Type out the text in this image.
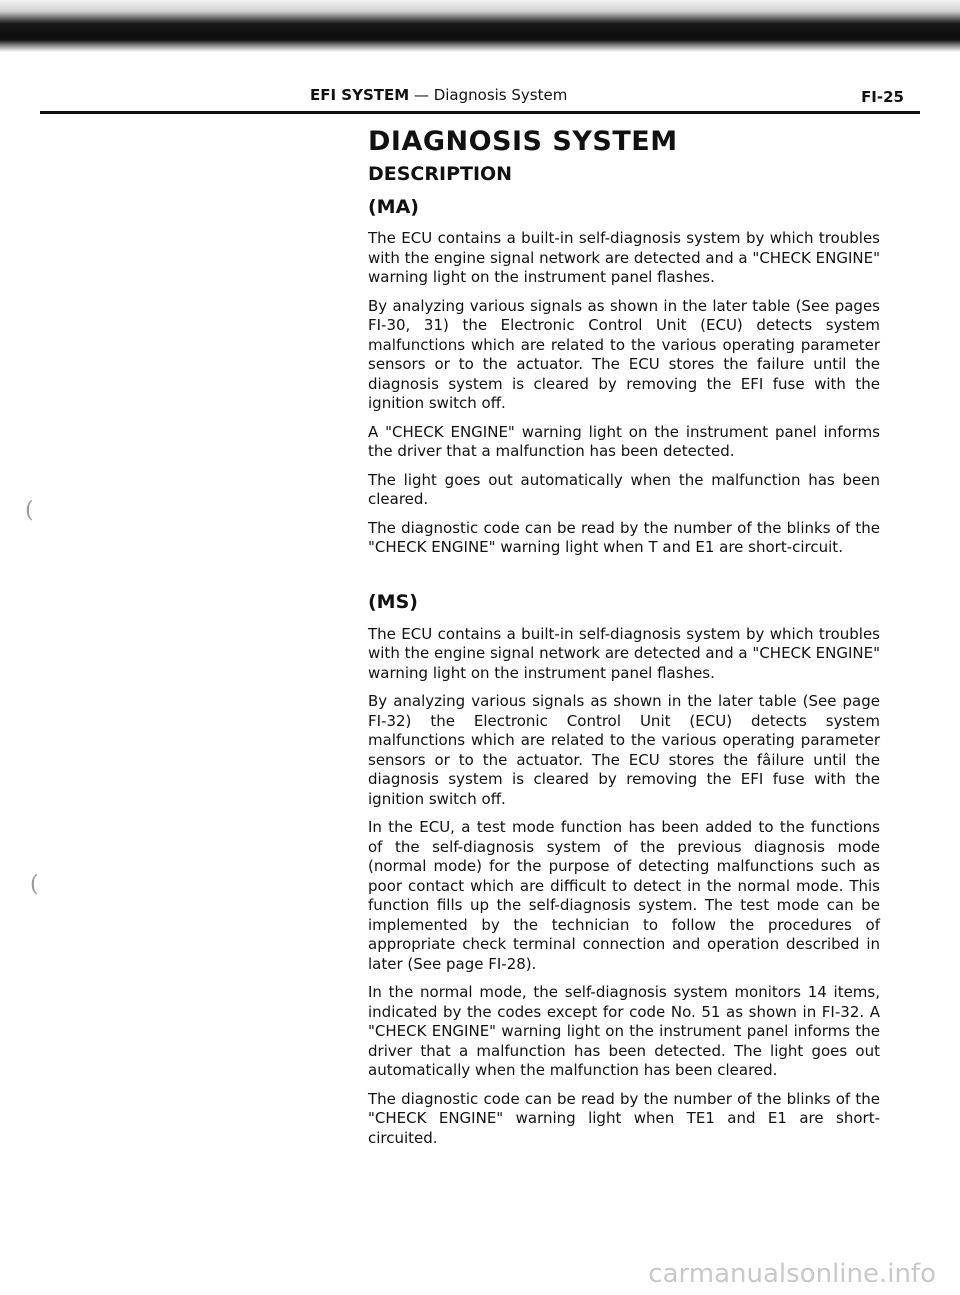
EFI SYSTEM — Diagnosis System	FI-25
(
(
DIAGNOSIS SYSTEM
DESCRIPTION
(MA)

The ECU contains a built-in self-diagnosis system by which troubles with the engine signal network are detected and a "CHECK ENGINE" warning light on the instrument panel flashes.

By analyzing various signals as shown in the later table (See pages FI-30, 31) the Electronic Control Unit (ECU) detects system malfunctions which are related to the various operating parameter sensors or to the actuator. The ECU stores the failure until the diagnosis system is cleared by removing the EFI fuse with the ignition switch off.

A "CHECK ENGINE" warning light on the instrument panel informs the driver that a malfunction has been detected.

The light goes out automatically when the malfunction has been cleared.

The diagnostic code can be read by the number of the blinks of the "CHECK ENGINE" warning light when T and E1 are short-circuit.

(MS)

The ECU contains a built-in self-diagnosis system by which troubles with the engine signal network are detected and a "CHECK ENGINE" warning light on the instrument panel flashes.

By analyzing various signals as shown in the later table (See page FI-32) the Electronic Control Unit (ECU) detects system malfunctions which are related to the various operating parameter sensors or to the actuator. The ECU stores the fâilure until the diagnosis system is cleared by removing the EFI fuse with the ignition switch off.

In the ECU, a test mode function has been added to the functions of the self-diagnosis system of the previous diagnosis mode (normal mode) for the purpose of detecting malfunctions such as poor contact which are difficult to detect in the normal mode. This function fills up the self-diagnosis system. The test mode can be implemented by the technician to follow the procedures of appropriate check terminal connection and operation described in later (See page FI-28).

In the normal mode, the self-diagnosis system monitors 14 items, indicated by the codes except for code No. 51 as shown in FI-32. A "CHECK ENGINE" warning light on the instrument panel informs the driver that a malfunction has been detected. The light goes out automatically when the malfunction has been cleared.

The diagnostic code can be read by the number of the blinks of the "CHECK ENGINE" warning light when TE1 and E1 are short-circuited.

carmanualsonline.info
